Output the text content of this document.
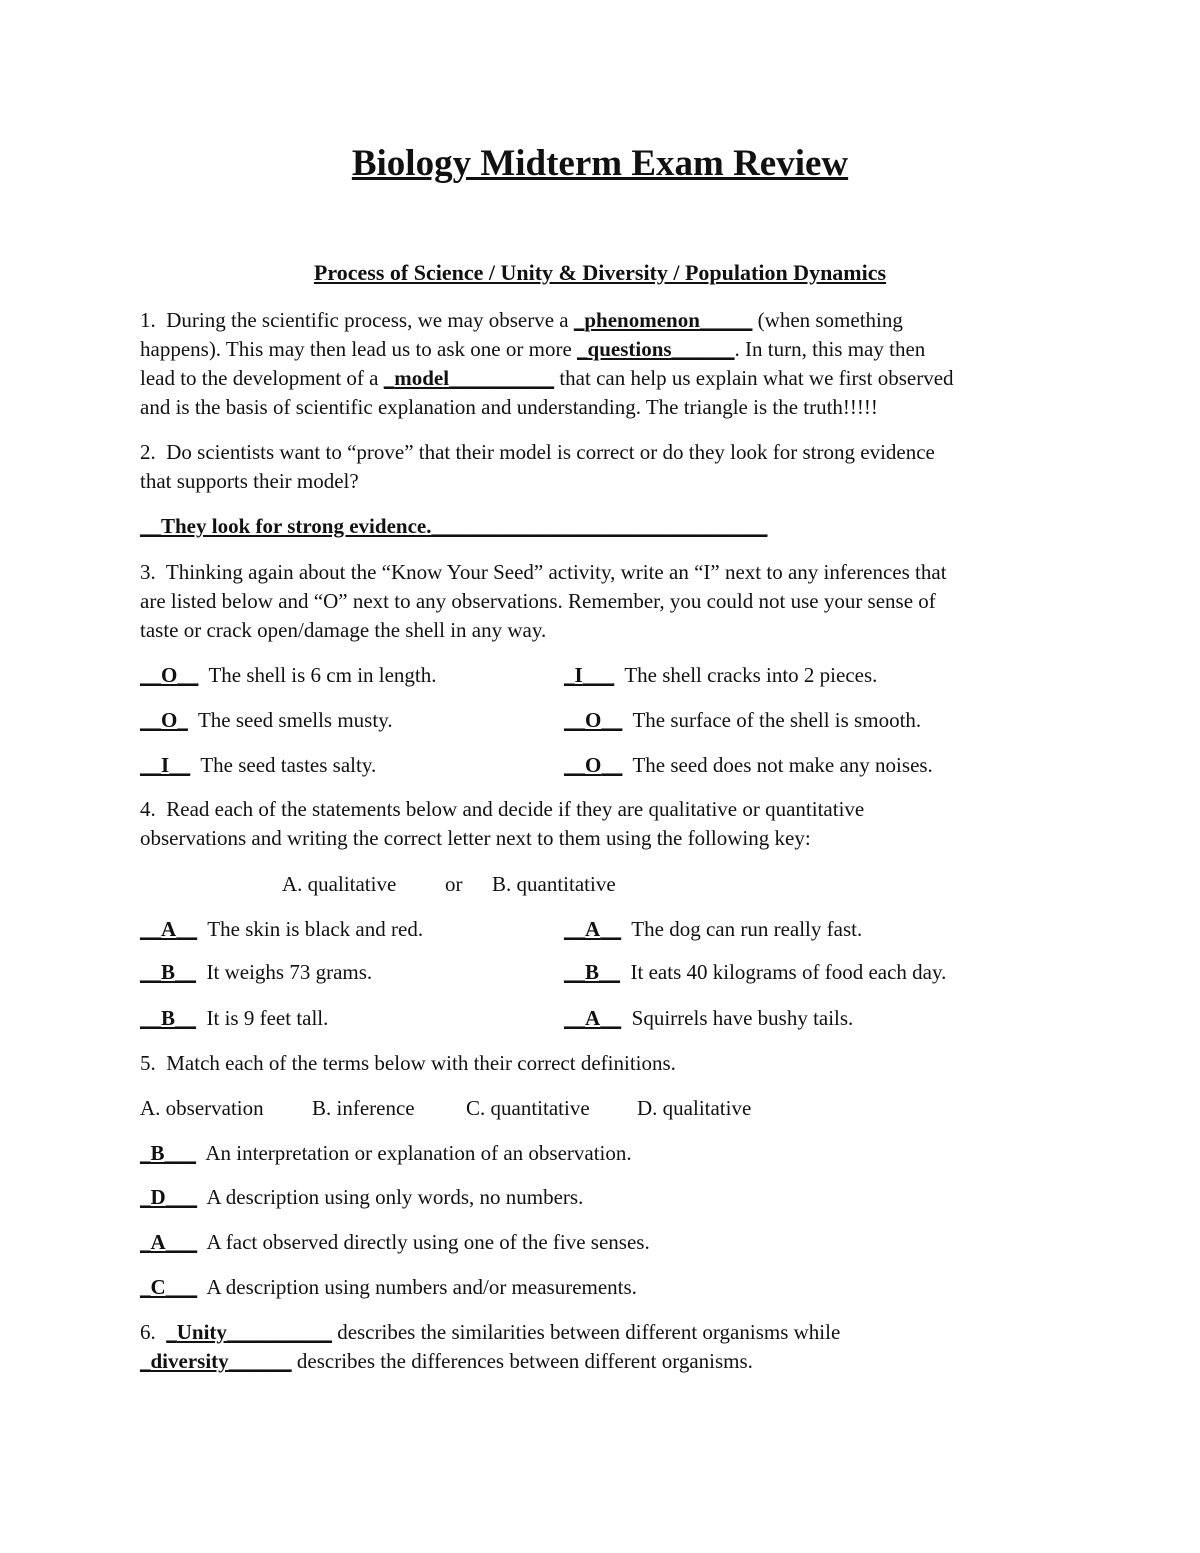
Biology Midterm Exam Review
Process of Science / Unity & Diversity / Population Dynamics
1. During the scientific process, we may observe a _phenomenon_____ (when something
happens). This may then lead us to ask one or more _questions______. In turn, this may then
lead to the development of a _model__________ that can help us explain what we first observed
and is the basis of scientific explanation and understanding. The triangle is the truth!!!!!
2. Do scientists want to “prove” that their model is correct or do they look for strong evidence
that supports their model?
__They look for strong evidence.________________________________
3. Thinking again about the “Know Your Seed” activity, write an “I” next to any inferences that
are listed below and “O” next to any observations. Remember, you could not use your sense of
taste or crack open/damage the shell in any way.
__O__ The shell is 6 cm in length.	_I___ The shell cracks into 2 pieces.
__O_ The seed smells musty.	__O__ The surface of the shell is smooth.
__I__ The seed tastes salty.	__O__ The seed does not make any noises.
4. Read each of the statements below and decide if they are qualitative or quantitative
observations and writing the correct letter next to them using the following key:
A. qualitative or B. quantitative
__A__ The skin is black and red.	__A__ The dog can run really fast.
__B__ It weighs 73 grams.	__B__ It eats 40 kilograms of food each day.
__B__ It is 9 feet tall.	__A__ Squirrels have bushy tails.
5. Match each of the terms below with their correct definitions.
A. observation B. inference C. quantitative D. qualitative
_B___ An interpretation or explanation of an observation.
_D___ A description using only words, no numbers.
_A___ A fact observed directly using one of the five senses.
_C___ A description using numbers and/or measurements.
6. _Unity__________ describes the similarities between different organisms while
_diversity______ describes the differences between different organisms.
